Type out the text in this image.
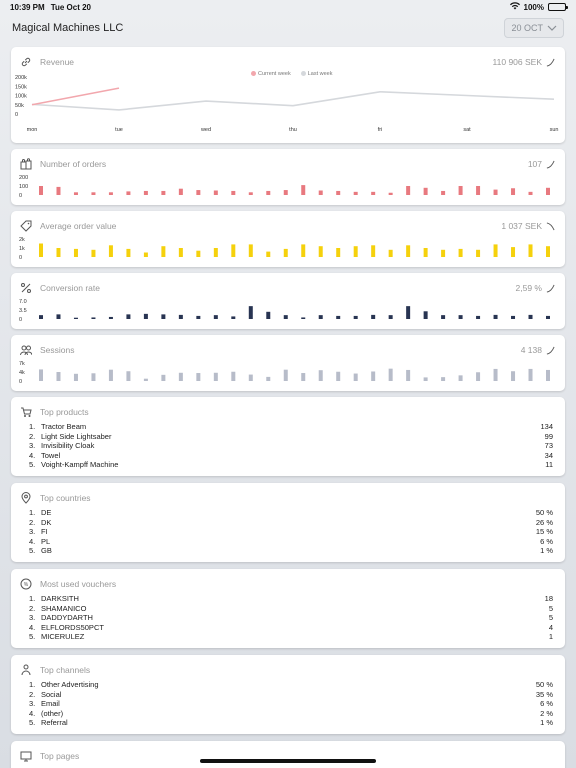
10:39 PM Tue Oct 20	100%
Magical Machines LLC	20 OCT
Revenue	110 906 SEK
Current week	Last week
200k
150k
100k
50k
0
mon	tue	wed	thu	fri	sat	sun
Number of orders	107
200
100
0
Average order value	1 037 SEK
2k
1k
0
Conversion rate	2,59 %
7.0
3.5
0
Sessions	4 138
7k
4k
0
Top products
1. Tractor Beam	134
2. Light Side Lightsaber	99
3. Invisibility Cloak	73
4. Towel	34
5. Voight-Kampff Machine	11
Top countries
1. DE	50 %
2. DK	26 %
3. FI	15 %
4. PL	6 %
5. GB	1 %
% Most used vouchers
1. DARKSITH	18
2. SHAMANICO	5
3. DADDYDARTH	5
4. ELFLORDS50PCT	4
5. MICERULEZ	1
Top channels
1. Other Advertising	50 %
2. Social	35 %
3. Email	6 %
4. (other)	2 %
5. Referral	1 %
Top pages
